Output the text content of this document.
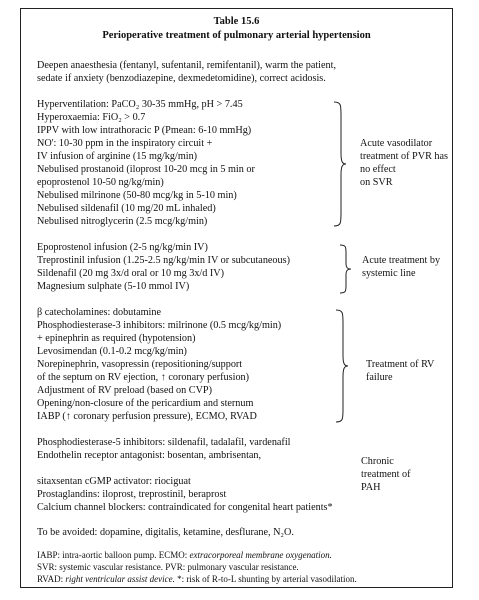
Table 15.6
Perioperative treatment of pulmonary arterial hypertension
Deepen anaesthesia (fentanyl, sufentanil, remifentanil), warm the patient,
sedate if anxiety (benzodiazepine, dexmedetomidine), correct acidosis.
Hyperventilation: PaCO₂ 30-35 mmHg, pH > 7.45
Hyperoxaemia: FiO₂ > 0.7
IPPV with low intrathoracic P (Pmean: 6-10 mmHg)
NO': 10-30 ppm in the inspiratory circuit +
IV infusion of arginine (15 mg/kg/min)
Nebulised prostanoid (iloprost 10-20 mcg in 5 min or
epoprostenol 10-50 ng/kg/min)
Nebulised milrinone (50-80 mcg/kg in 5-10 min)
Nebulised sildenafil (10 mg/20 mL inhaled)
Nebulised nitroglycerin (2.5 mcg/kg/min)
Acute vasodilator
treatment of PVR has
no effect
on SVR
Epoprostenol infusion (2-5 ng/kg/min IV)
Treprostinil infusion (1.25-2.5 ng/kg/min IV or subcutaneous)
Sildenafil (20 mg 3x/d oral or 10 mg 3x/d IV)
Magnesium sulphate (5-10 mmol IV)
Acute treatment by
systemic line
β catecholamines: dobutamine
Phosphodiesterase-3 inhibitors: milrinone (0.5 mcg/kg/min)
+ epinephrin as required (hypotension)
Levosimendan (0.1-0.2 mcg/kg/min)
Norepinephrin, vasopressin (repositioning/support
of the septum on RV ejection, ↑ coronary perfusion)
Adjustment of RV preload (based on CVP)
Opening/non-closure of the pericardium and sternum
IABP (↑ coronary perfusion pressure), ECMO, RVAD
Treatment of RV
failure
Phosphodiesterase-5 inhibitors: sildenafil, tadalafil, vardenafil
Endothelin receptor antagonist: bosentan, ambrisentan,
sitaxsentan cGMP activator: riociguat
Prostaglandins: iloprost, treprostinil, beraprost
Calcium channel blockers: contraindicated for congenital heart patients*
Chronic
treatment of
PAH
To be avoided: dopamine, digitalis, ketamine, desflurane, N₂O.
IABP: intra-aortic balloon pump. ECMO: extracorporeal membrane oxygenation.
SVR: systemic vascular resistance. PVR: pulmonary vascular resistance.
RVAD: right ventricular assist device. *: risk of R-to-L shunting by arterial vasodilation.
